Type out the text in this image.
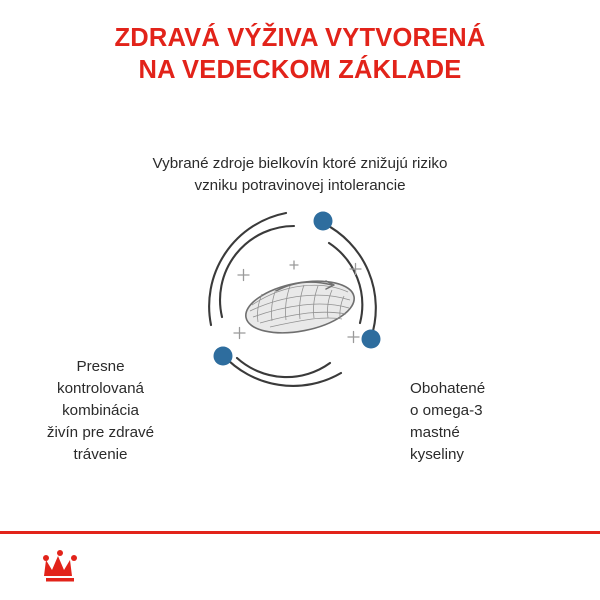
ZDRAVÁ VÝŽIVA VYTVORENÁ
NA VEDECKOM ZÁKLADE
Vybrané zdroje bielkovín ktoré znižujú riziko
vzniku potravinovej intolerancie
Presne
kontrolovaná
kombinácia
živín pre zdravé
trávenie
Obohatené
o omega-3
mastné
kyseliny
